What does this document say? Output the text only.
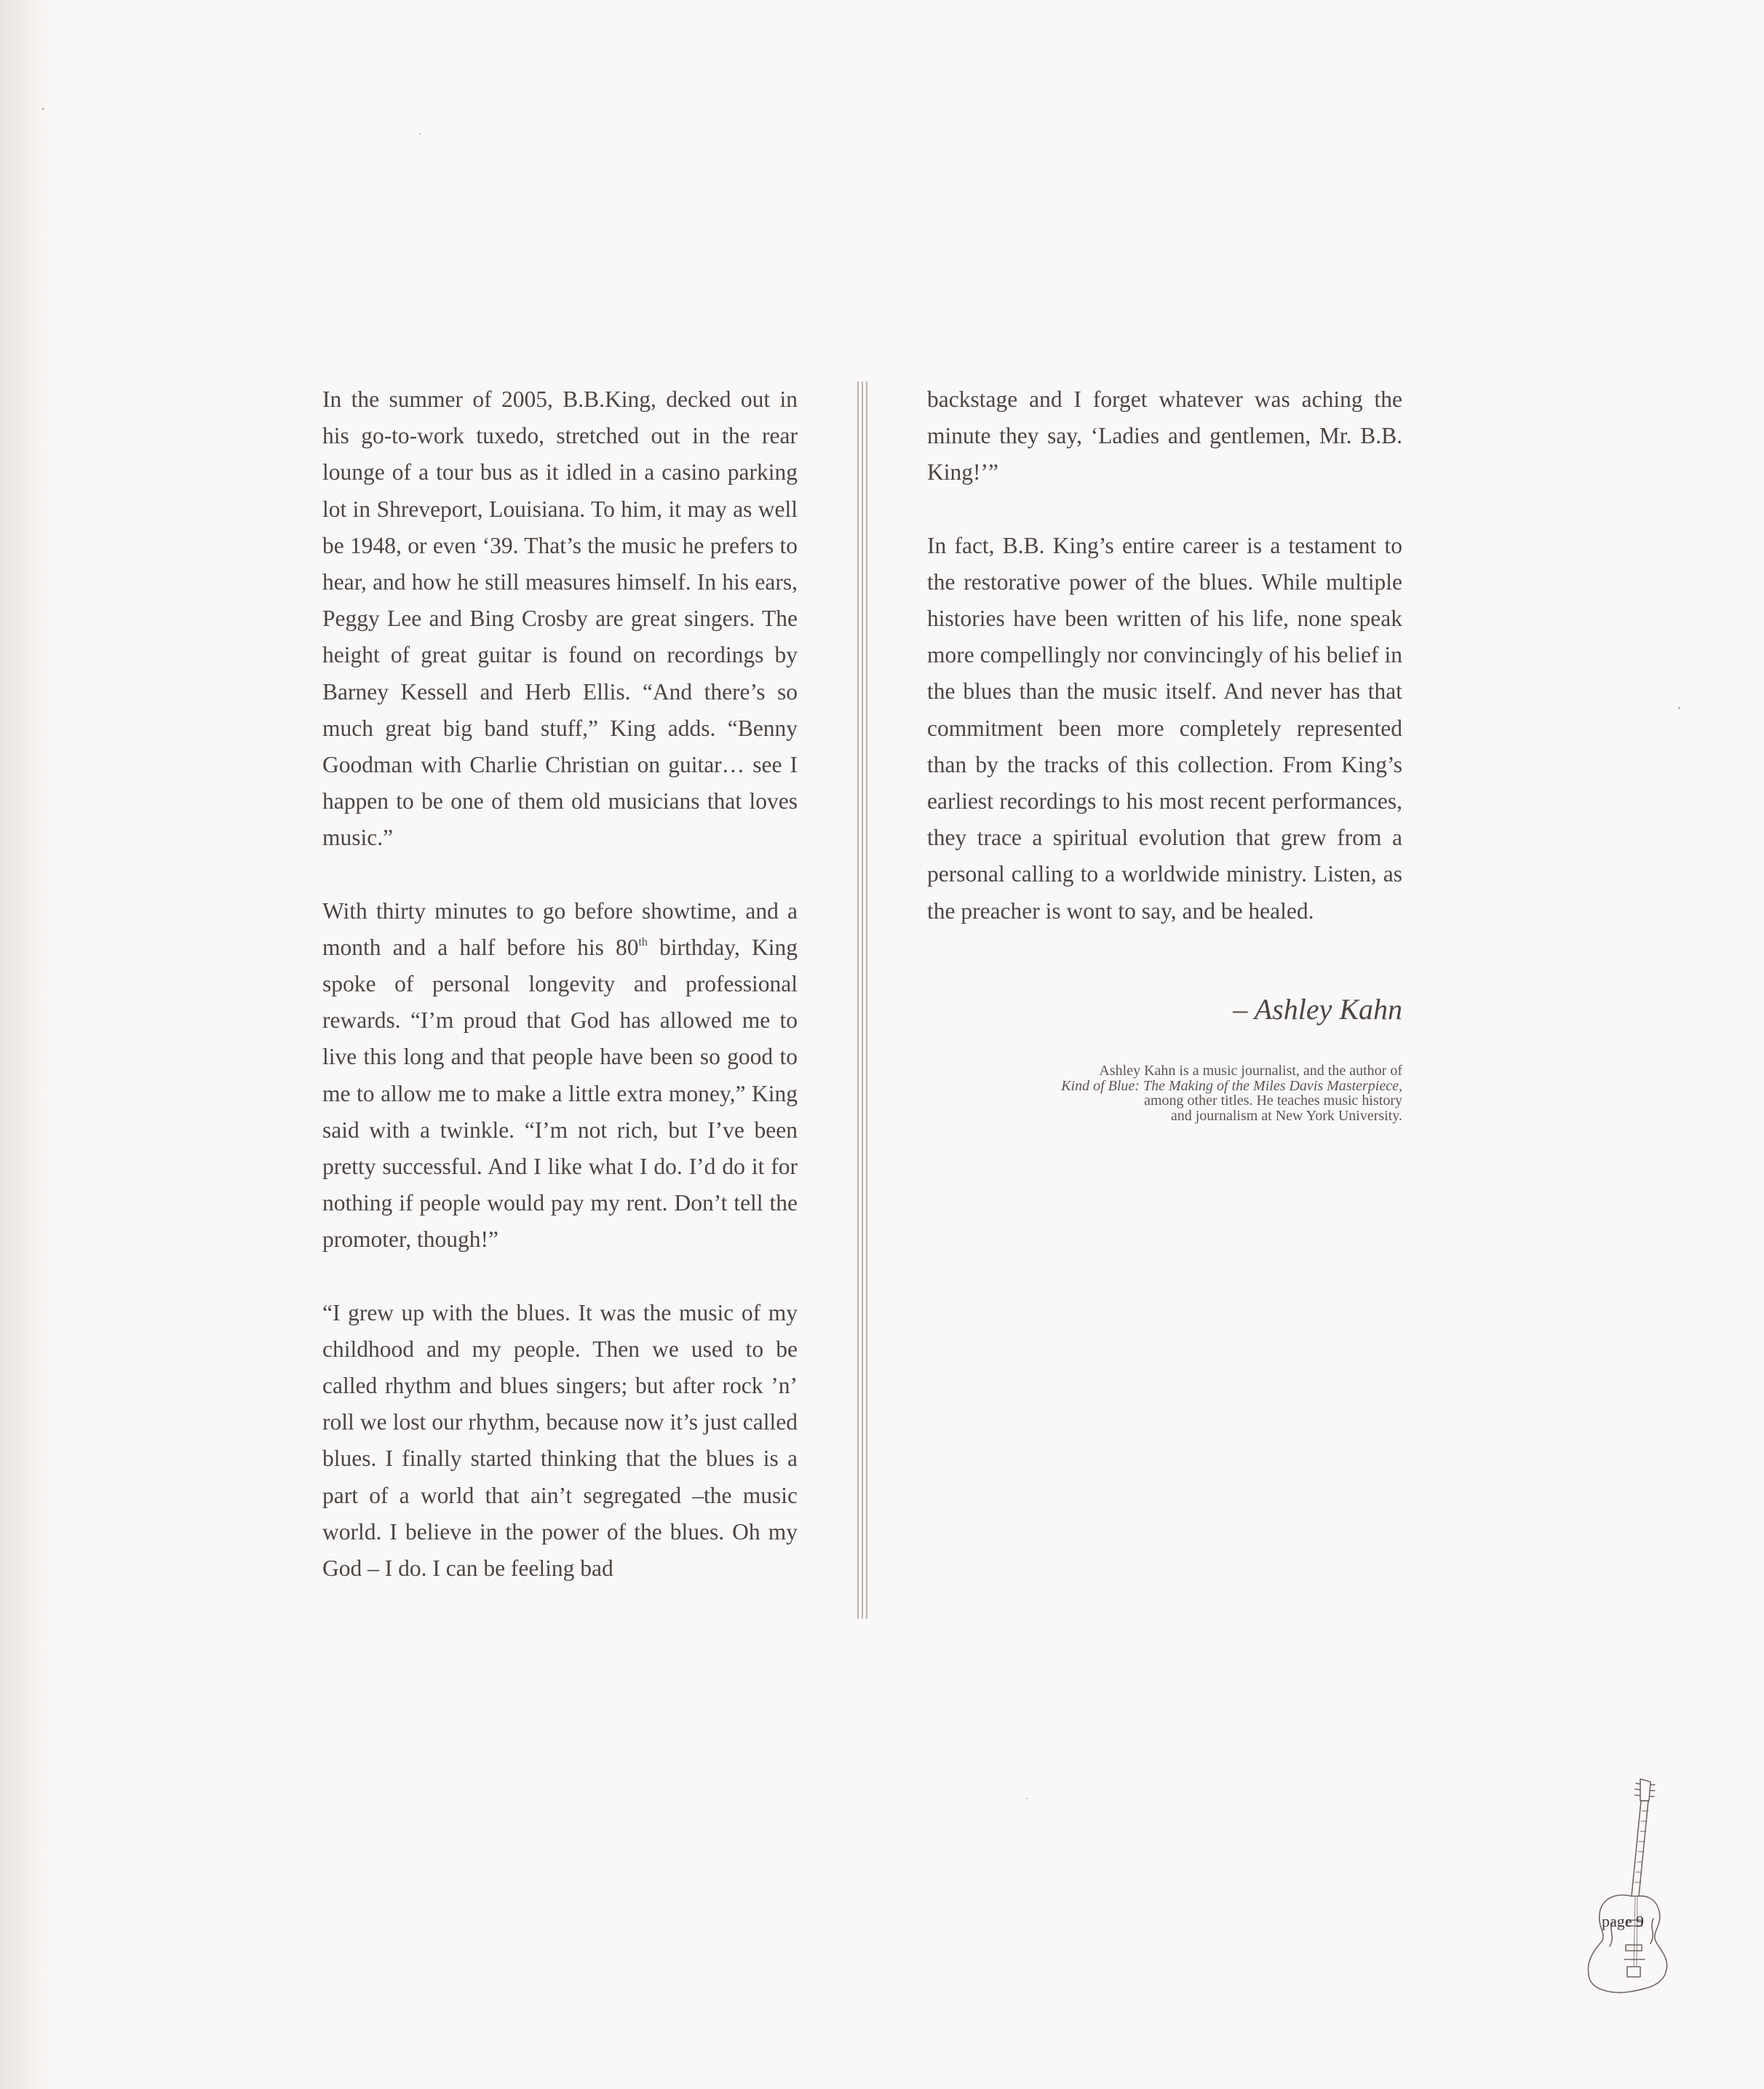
In the summer of 2005, B.B.King, decked out in his go-to-work tuxedo, stretched out in the rear lounge of a tour bus as it idled in a casino parking lot in Shreveport, Louisiana. To him, it may as well be 1948, or even ‘39. That’s the music he prefers to hear, and how he still measures himself. In his ears, Peggy Lee and Bing Crosby are great singers. The height of great guitar is found on recordings by Barney Kessell and Herb Ellis. “And there’s so much great big band stuff,” King adds. “Benny Goodman with Charlie Christian on guitar… see I happen to be one of them old musicians that loves music.”

With thirty minutes to go before showtime, and a month and a half before his 80th birthday, King spoke of personal longevity and professional rewards. “I’m proud that God has allowed me to live this long and that people have been so good to me to allow me to make a little extra money,” King said with a twinkle. “I’m not rich, but I’ve been pretty successful. And I like what I do. I’d do it for nothing if people would pay my rent. Don’t tell the promoter, though!”

“I grew up with the blues. It was the music of my childhood and my people. Then we used to be called rhythm and blues singers; but after rock ’n’ roll we lost our rhythm, because now it’s just called blues. I finally started thinking that the blues is a part of a world that ain’t segregated –the music world. I believe in the power of the blues. Oh my God – I do. I can be feeling bad

backstage and I forget whatever was aching the minute they say, ‘Ladies and gentlemen, Mr. B.B. King!’”

In fact, B.B. King’s entire career is a testament to the restorative power of the blues. While multiple histories have been written of his life, none speak more compellingly nor convincingly of his belief in the blues than the music itself. And never has that commitment been more completely represented than by the tracks of this collection. From King’s earliest recordings to his most recent performances, they trace a spiritual evolution that grew from a personal calling to a worldwide ministry. Listen, as the preacher is wont to say, and be healed.

– Ashley Kahn
Ashley Kahn is a music journalist, and the author of
Kind of Blue: The Making of the Miles Davis Masterpiece,
among other titles. He teaches music history
and journalism at New York University.
page 9
